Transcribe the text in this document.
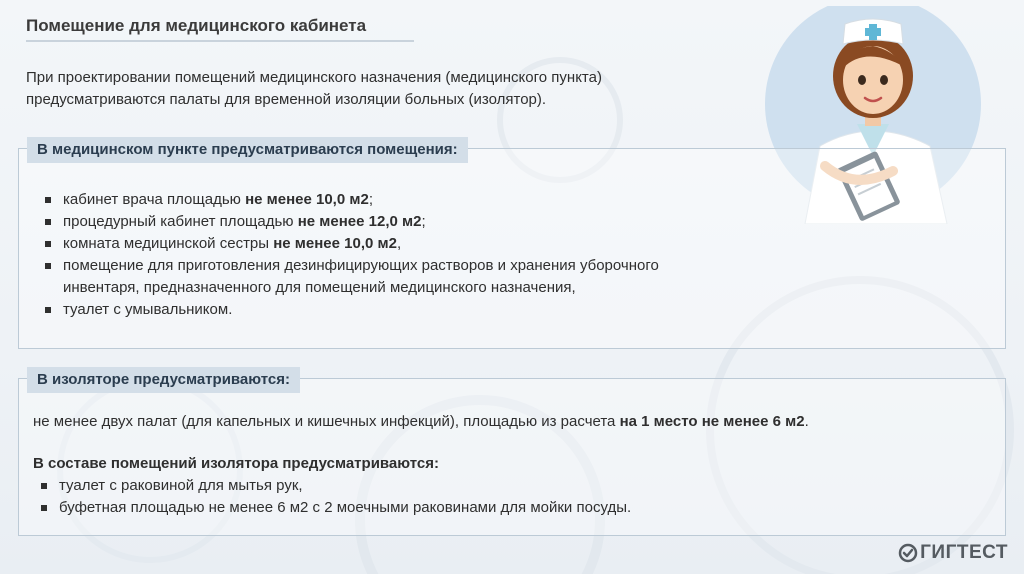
Помещение для медицинского кабинета
При проектировании помещений медицинского назначения (медицинского пункта)
предусматриваются палаты для временной изоляции больных (изолятор).
В медицинском пункте предусматриваются помещения:
кабинет врача площадью не менее 10,0 м2;
процедурный кабинет площадью не менее 12,0 м2;
комната медицинской сестры не менее 10,0 м2,
помещение для приготовления дезинфицирующих растворов и хранения уборочного
инвентаря, предназначенного для помещений медицинского назначения,
туалет с умывальником.
В изоляторе предусматриваются:
не менее двух палат (для капельных и кишечных инфекций), площадью из расчета на 1 место не менее 6 м2.
В составе помещений изолятора предусматриваются:
туалет с раковиной для мытья рук,
буфетная площадью не менее 6 м2 с 2 моечными раковинами для мойки посуды.
ГИГТЕСТ
